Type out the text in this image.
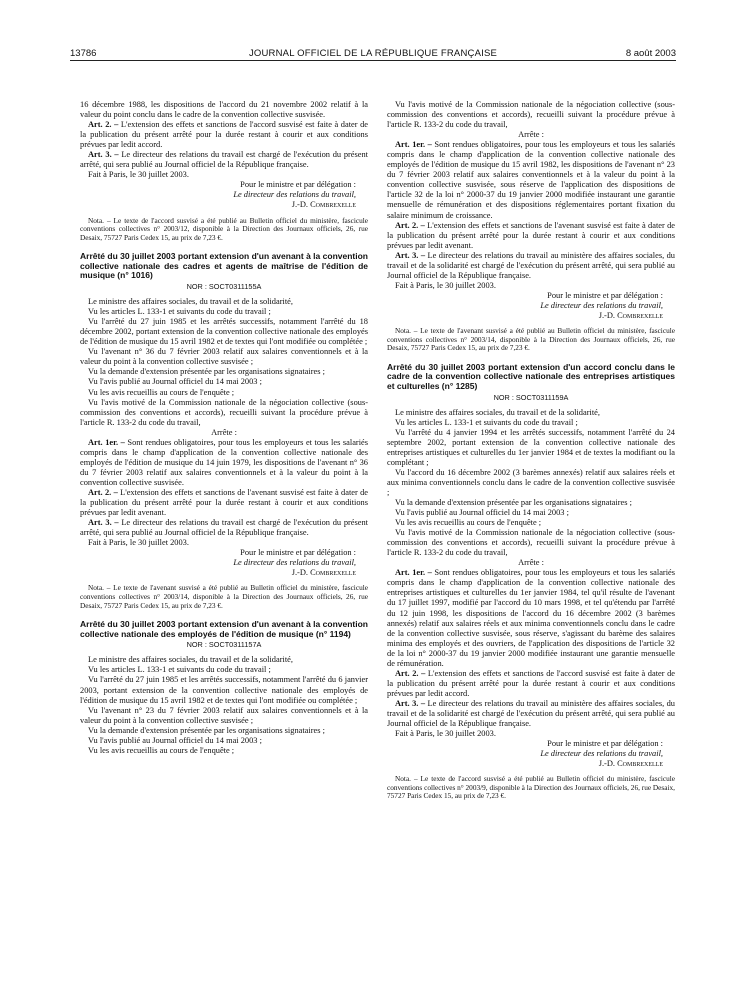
13786	JOURNAL OFFICIEL DE LA RÉPUBLIQUE FRANÇAISE	8 août 2003

16 décembre 1988, les dispositions de l'accord du 21 novembre 2002 relatif à la valeur du point conclu dans le cadre de la convention collective susvisée.

Art. 2. – L'extension des effets et sanctions de l'accord susvisé est faite à dater de la publication du présent arrêté pour la durée restant à courir et aux conditions prévues par ledit accord.

Art. 3. – Le directeur des relations du travail est chargé de l'exécution du présent arrêté, qui sera publié au Journal officiel de la République française.

Fait à Paris, le 30 juillet 2003.

Pour le ministre et par délégation :

Le directeur des relations du travail,

J.-D. Combrexelle

Nota. – Le texte de l'accord susvisé a été publié au Bulletin officiel du ministère, fascicule conventions collectives n° 2003/12, disponible à la Direction des Journaux officiels, 26, rue Desaix, 75727 Paris Cedex 15, au prix de 7,23 €.

Arrêté du 30 juillet 2003 portant extension d'un avenant à la convention collective nationale des cadres et agents de maîtrise de l'édition de musique (n° 1016)
NOR : SOCT0311155A

Le ministre des affaires sociales, du travail et de la solidarité,

Vu les articles L. 133-1 et suivants du code du travail ;

Vu l'arrêté du 27 juin 1985 et les arrêtés successifs, notamment l'arrêté du 18 décembre 2002, portant extension de la convention collective nationale des employés de l'édition de musique du 15 avril 1982 et de textes qui l'ont modifiée ou complétée ;

Vu l'avenant n° 36 du 7 février 2003 relatif aux salaires conventionnels et à la valeur du point à la convention collective susvisée ;

Vu la demande d'extension présentée par les organisations signataires ;

Vu l'avis publié au Journal officiel du 14 mai 2003 ;

Vu les avis recueillis au cours de l'enquête ;

Vu l'avis motivé de la Commission nationale de la négociation collective (sous-commission des conventions et accords), recueilli suivant la procédure prévue à l'article R. 133-2 du code du travail,

Arrête :

Art. 1er. – Sont rendues obligatoires, pour tous les employeurs et tous les salariés compris dans le champ d'application de la convention collective nationale des employés de l'édition de musique du 14 juin 1979, les dispositions de l'avenant n° 36 du 7 février 2003 relatif aux salaires conventionnels et à la valeur du point à la convention collective susvisée.

Art. 2. – L'extension des effets et sanctions de l'avenant susvisé est faite à dater de la publication du présent arrêté pour la durée restant à courir et aux conditions prévues par ledit avenant.

Art. 3. – Le directeur des relations du travail est chargé de l'exécution du présent arrêté, qui sera publié au Journal officiel de la République française.

Fait à Paris, le 30 juillet 2003.

Pour le ministre et par délégation :

Le directeur des relations du travail,

J.-D. Combrexelle

Nota. – Le texte de l'avenant susvisé a été publié au Bulletin officiel du ministère, fascicule conventions collectives n° 2003/14, disponible à la Direction des Journaux officiels, 26, rue Desaix, 75727 Paris Cedex 15, au prix de 7,23 €.

Arrêté du 30 juillet 2003 portant extension d'un avenant à la convention collective nationale des employés de l'édition de musique (n° 1194)
NOR : SOCT0311157A

Le ministre des affaires sociales, du travail et de la solidarité,

Vu les articles L. 133-1 et suivants du code du travail ;

Vu l'arrêté du 27 juin 1985 et les arrêtés successifs, notamment l'arrêté du 6 janvier 2003, portant extension de la convention collective nationale des employés de l'édition de musique du 15 avril 1982 et de textes qui l'ont modifiée ou complétée ;

Vu l'avenant n° 23 du 7 février 2003 relatif aux salaires conventionnels et à la valeur du point à la convention collective susvisée ;

Vu la demande d'extension présentée par les organisations signataires ;

Vu l'avis publié au Journal officiel du 14 mai 2003 ;

Vu les avis recueillis au cours de l'enquête ;

Vu l'avis motivé de la Commission nationale de la négociation collective (sous-commission des conventions et accords), recueilli suivant la procédure prévue à l'article R. 133-2 du code du travail,

Arrête :

Art. 1er. – Sont rendues obligatoires, pour tous les employeurs et tous les salariés compris dans le champ d'application de la convention collective nationale des employés de l'édition de musique du 15 avril 1982, les dispositions de l'avenant n° 23 du 7 février 2003 relatif aux salaires conventionnels et à la valeur du point à la convention collective susvisée, sous réserve de l'application des dispositions de l'article 32 de la loi n° 2000-37 du 19 janvier 2000 modifiée instaurant une garantie mensuelle de rémunération et des dispositions réglementaires portant fixation du salaire minimum de croissance.

Art. 2. – L'extension des effets et sanctions de l'avenant susvisé est faite à dater de la publication du présent arrêté pour la durée restant à courir et aux conditions prévues par ledit avenant.

Art. 3. – Le directeur des relations du travail au ministère des affaires sociales, du travail et de la solidarité est chargé de l'exécution du présent arrêté, qui sera publié au Journal officiel de la République française.

Fait à Paris, le 30 juillet 2003.

Pour le ministre et par délégation :

Le directeur des relations du travail,

J.-D. Combrexelle

Nota. – Le texte de l'avenant susvisé a été publié au Bulletin officiel du ministère, fascicule conventions collectives n° 2003/14, disponible à la Direction des Journaux officiels, 26, rue Desaix, 75727 Paris Cedex 15, au prix de 7,23 €.

Arrêté du 30 juillet 2003 portant extension d'un accord conclu dans le cadre de la convention collective nationale des entreprises artistiques et culturelles (n° 1285)
NOR : SOCT0311159A

Le ministre des affaires sociales, du travail et de la solidarité,

Vu les articles L. 133-1 et suivants du code du travail ;

Vu l'arrêté du 4 janvier 1994 et les arrêtés successifs, notamment l'arrêté du 24 septembre 2002, portant extension de la convention collective nationale des entreprises artistiques et culturelles du 1er janvier 1984 et de textes la modifiant ou la complétant ;

Vu l'accord du 16 décembre 2002 (3 barèmes annexés) relatif aux salaires réels et aux minima conventionnels conclu dans le cadre de la convention collective susvisée ;

Vu la demande d'extension présentée par les organisations signataires ;

Vu l'avis publié au Journal officiel du 14 mai 2003 ;

Vu les avis recueillis au cours de l'enquête ;

Vu l'avis motivé de la Commission nationale de la négociation collective (sous-commission des conventions et accords), recueilli suivant la procédure prévue à l'article R. 133-2 du code du travail,

Arrête :

Art. 1er. – Sont rendues obligatoires, pour tous les employeurs et tous les salariés compris dans le champ d'application de la convention collective nationale des entreprises artistiques et culturelles du 1er janvier 1984, tel qu'il résulte de l'avenant du 17 juillet 1997, modifié par l'accord du 10 mars 1998, et tel qu'étendu par l'arrêté du 12 juin 1998, les dispositions de l'accord du 16 décembre 2002 (3 barèmes annexés) relatif aux salaires réels et aux minima conventionnels conclu dans le cadre de la convention collective susvisée, sous réserve, s'agissant du barème des salaires minima des employés et des ouvriers, de l'application des dispositions de l'article 32 de la loi n° 2000-37 du 19 janvier 2000 modifiée instaurant une garantie mensuelle de rémunération.

Art. 2. – L'extension des effets et sanctions de l'accord susvisé est faite à dater de la publication du présent arrêté pour la durée restant à courir et aux conditions prévues par ledit accord.

Art. 3. – Le directeur des relations du travail au ministère des affaires sociales, du travail et de la solidarité est chargé de l'exécution du présent arrêté, qui sera publié au Journal officiel de la République française.

Fait à Paris, le 30 juillet 2003.

Pour le ministre et par délégation :

Le directeur des relations du travail,

J.-D. Combrexelle

Nota. – Le texte de l'accord susvisé a été publié au Bulletin officiel du ministère, fascicule conventions collectives n° 2003/9, disponible à la Direction des Journaux officiels, 26, rue Desaix, 75727 Paris Cedex 15, au prix de 7,23 €.
